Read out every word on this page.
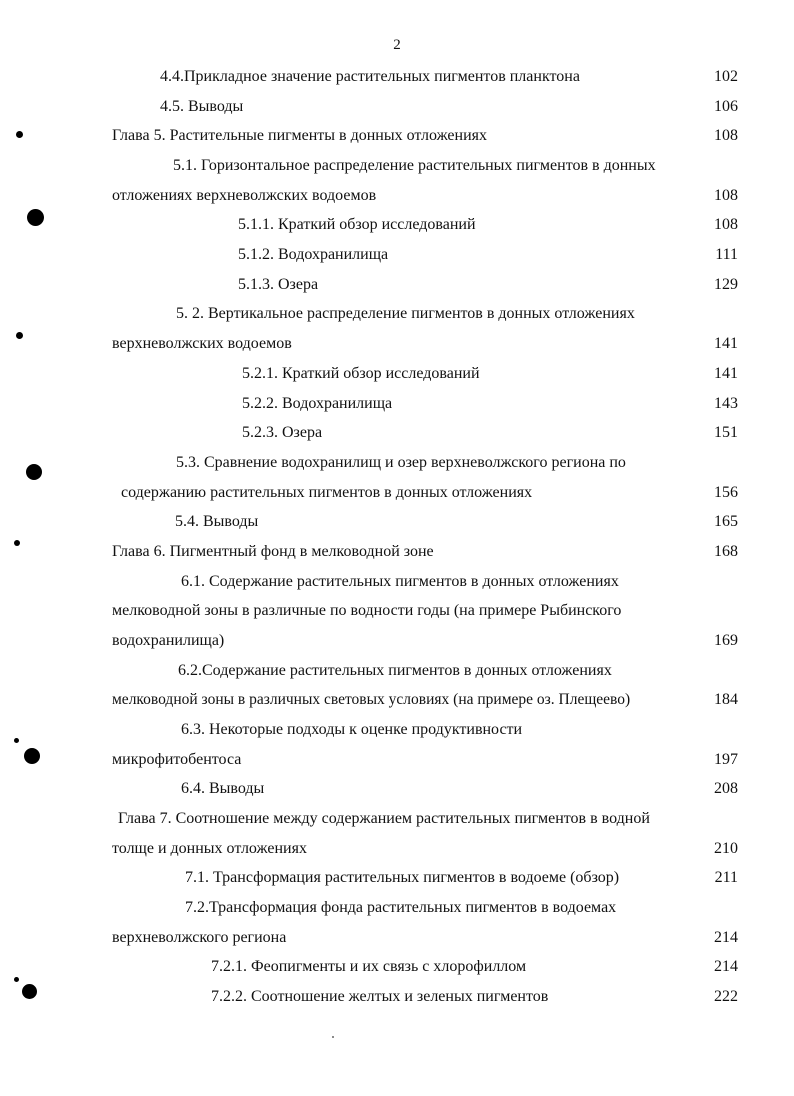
2
4.4.Прикладное значение растительных пигментов планктона	102
4.5. Выводы	106
Глава 5. Растительные пигменты в донных отложениях	108
5.1. Горизонтальное распределение растительных пигментов в донных
отложениях верхневолжских водоемов	108
5.1.1. Краткий обзор исследований	108
5.1.2. Водохранилища	111
5.1.3. Озера	129
5. 2. Вертикальное распределение пигментов в донных отложениях
верхневолжских водоемов	141
5.2.1. Краткий обзор исследований	141
5.2.2. Водохранилища	143
5.2.3. Озера	151
5.3. Сравнение водохранилищ и озер верхневолжского региона по
содержанию растительных пигментов в донных отложениях	156
5.4. Выводы	165
Глава 6. Пигментный фонд в мелководной зоне	168
6.1. Содержание растительных пигментов в донных отложениях
мелководной зоны в различные по водности годы (на примере Рыбинского
водохранилища)	169
6.2.Содержание растительных пигментов в донных отложениях
мелководной зоны в различных световых условиях (на примере оз. Плещеево)	184
6.3. Некоторые подходы к оценке продуктивности
микрофитобентоса	197
6.4. Выводы	208
Глава 7. Соотношение между содержанием растительных пигментов в водной
толще и донных отложениях	210
7.1. Трансформация растительных пигментов в водоеме (обзор)	211
7.2.Трансформация фонда растительных пигментов в водоемах
верхневолжского региона	214
7.2.1. Феопигменты и их связь с хлорофиллом	214
7.2.2. Соотношение желтых и зеленых пигментов	222
